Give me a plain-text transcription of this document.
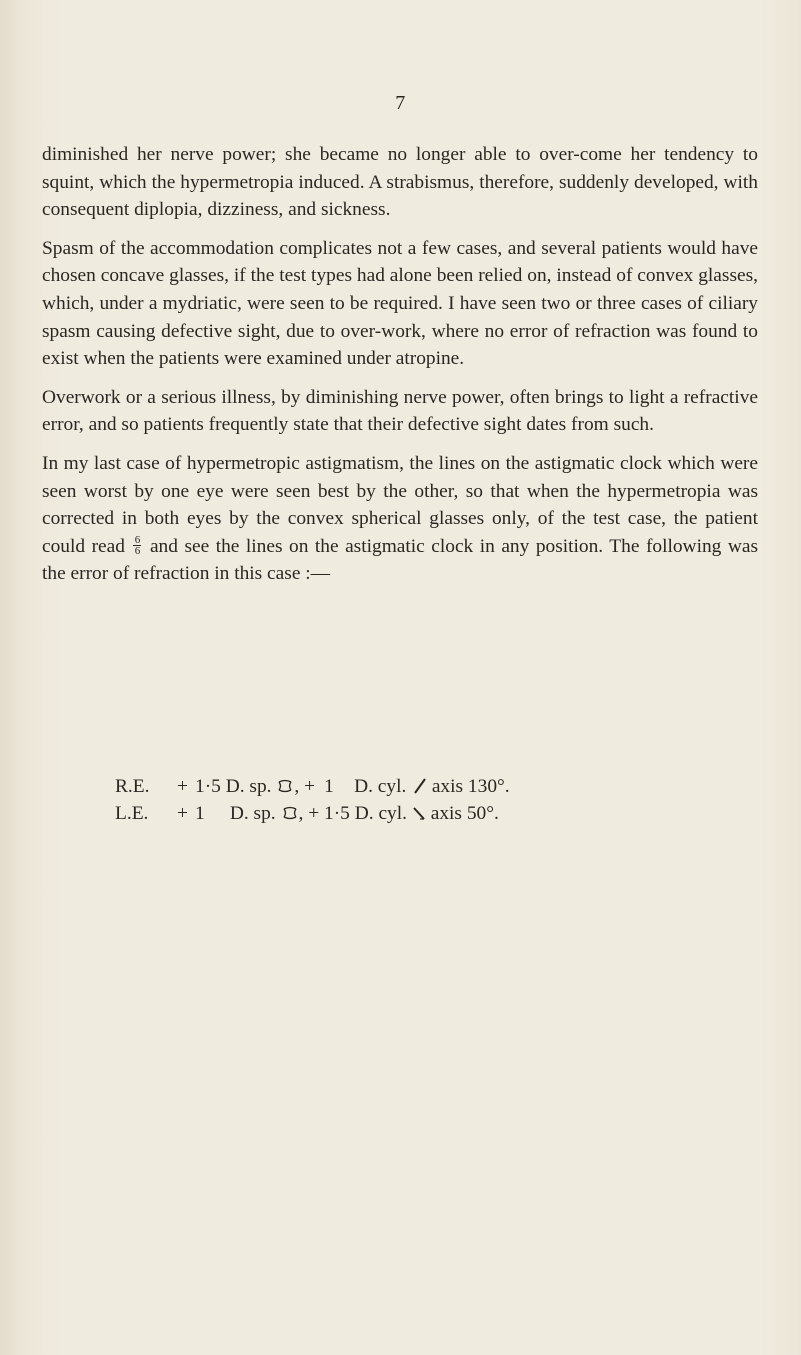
7

diminished her nerve power; she became no longer able to over-come her tendency to squint, which the hypermetropia induced. A strabismus, therefore, suddenly developed, with consequent diplopia, dizziness, and sickness.

Spasm of the accommodation complicates not a few cases, and several patients would have chosen concave glasses, if the test types had alone been relied on, instead of convex glasses, which, under a mydriatic, were seen to be required. I have seen two or three cases of ciliary spasm causing defective sight, due to over-work, where no error of refraction was found to exist when the patients were examined under atropine.

Overwork or a serious illness, by diminishing nerve power, often brings to light a refractive error, and so patients frequently state that their defective sight dates from such.

In my last case of hypermetropic astigmatism, the lines on the astigmatic clock which were seen worst by one eye were seen best by the other, so that when the hypermetropia was corrected in both eyes by the convex spherical glasses only, of the test case, the patient could read $\frac{6}{6}$ and see the lines on the astigmatic clock in any position. The following was the error of refraction in this case :—

R.E. + 1·5 D. sp. , + 1 D. cyl. axis 130°.
L.E. + 1 D. sp. , + 1·5 D. cyl. axis 50°.
